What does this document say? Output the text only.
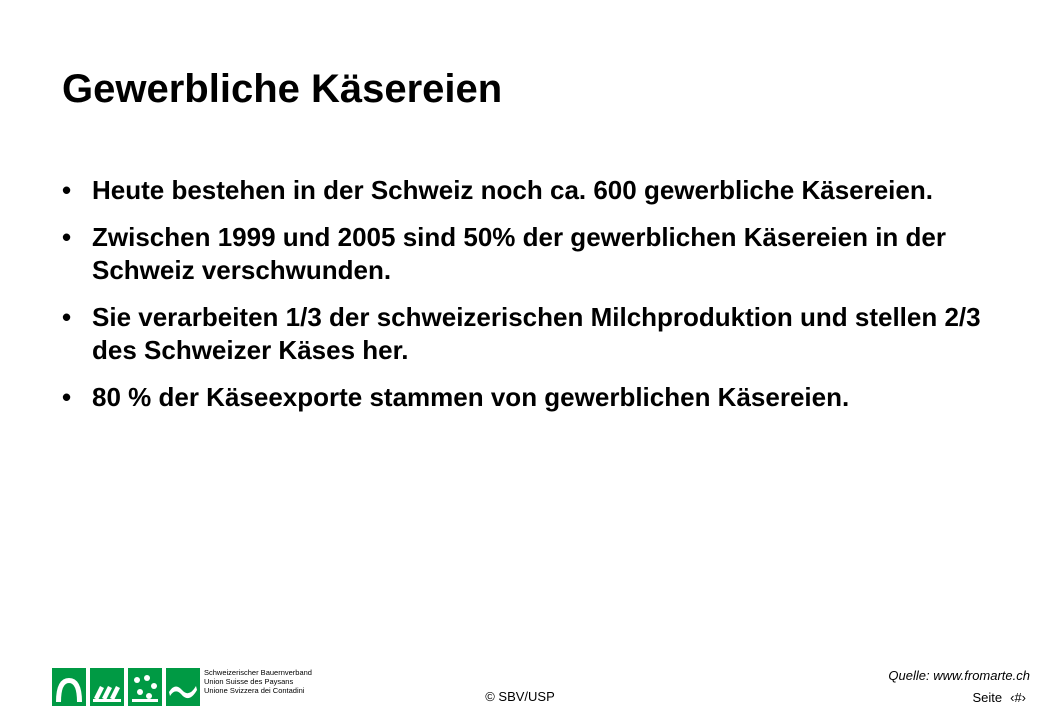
Gewerbliche Käsereien
• Heute bestehen in der Schweiz noch ca. 600 gewerbliche Käsereien.
• Zwischen 1999 und 2005 sind 50% der gewerblichen Käsereien in der Schweiz verschwunden.
• Sie verarbeiten 1/3 der schweizerischen Milchproduktion und stellen 2/3 des Schweizer Käses her.
• 80 % der Käseexporte stammen von gewerblichen Käsereien.
Schweizerischer Bauernverband
Union Suisse des Paysans
Unione Svizzera dei Contadini	© SBV/USP
Quelle: www.fromarte.ch
Seite ‹#›
